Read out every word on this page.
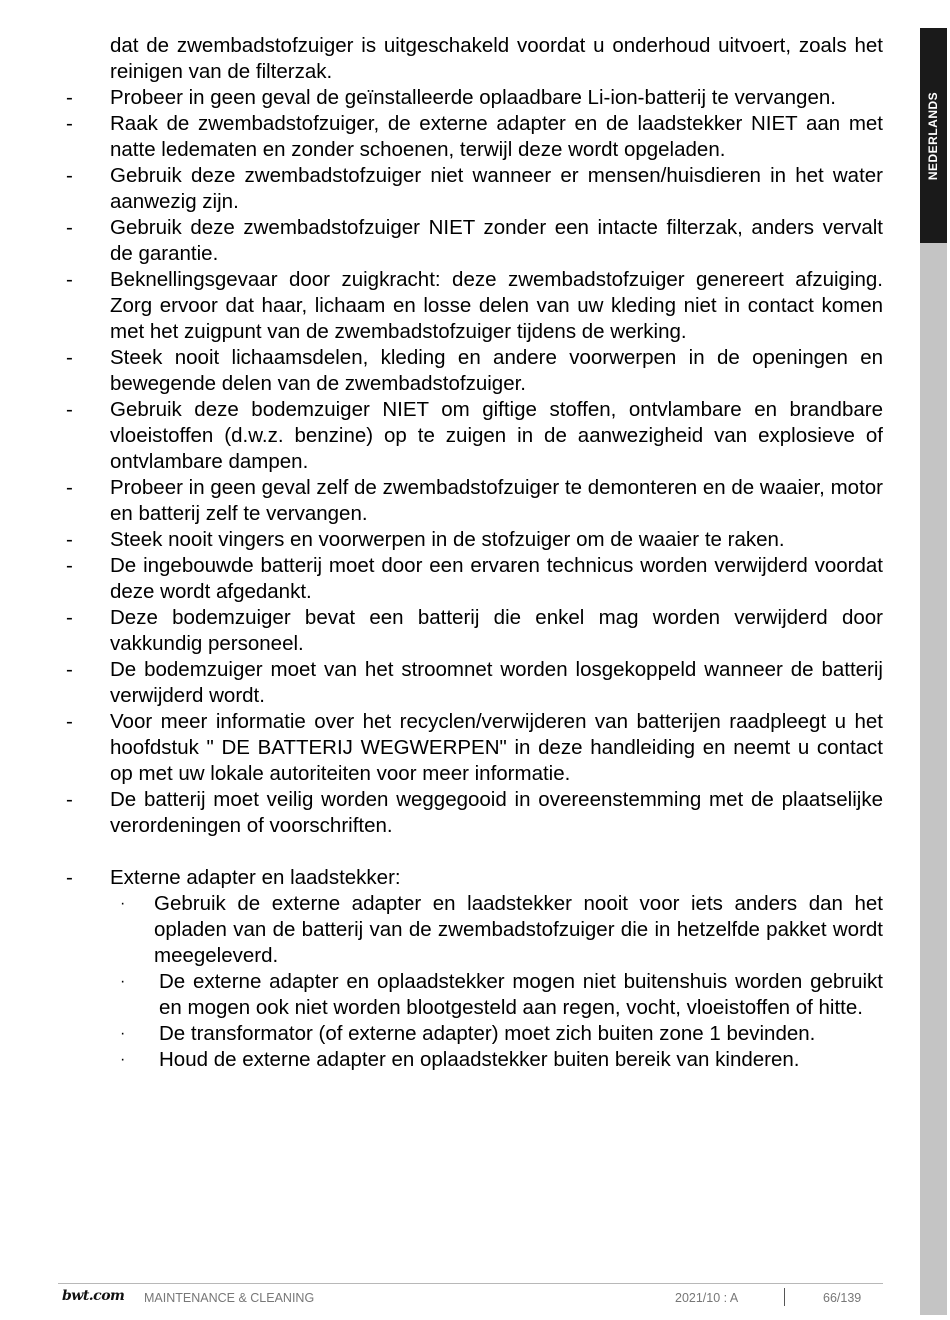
NEDERLANDS
dat de zwembadstofzuiger is uitgeschakeld voordat u onderhoud uitvoert, zoals het reinigen van de filterzak.
- Probeer in geen geval de geïnstalleerde oplaadbare Li-ion-batterij te vervangen.
- Raak de zwembadstofzuiger, de externe adapter en de laadstekker NIET aan met natte ledematen en zonder schoenen, terwijl deze wordt opgeladen.
- Gebruik deze zwembadstofzuiger niet wanneer er mensen/huisdieren in het water aanwezig zijn.
- Gebruik deze zwembadstofzuiger NIET zonder een intacte filterzak, anders vervalt de garantie.
- Beknellingsgevaar door zuigkracht: deze zwembadstofzuiger genereert afzuiging. Zorg ervoor dat haar, lichaam en losse delen van uw kleding niet in contact komen met het zuigpunt van de zwembadstofzuiger tijdens de werking.
- Steek nooit lichaamsdelen, kleding en andere voorwerpen in de openingen en bewegende delen van de zwembadstofzuiger.
- Gebruik deze bodemzuiger NIET om giftige stoffen, ontvlambare en brandbare vloeistoffen (d.w.z. benzine) op te zuigen in de aanwezigheid van explosieve of ontvlambare dampen.
- Probeer in geen geval zelf de zwembadstofzuiger te demonteren en de waaier, motor en batterij zelf te vervangen.
- Steek nooit vingers en voorwerpen in de stofzuiger om de waaier te raken.
- De ingebouwde batterij moet door een ervaren technicus worden verwijderd voordat deze wordt afgedankt.
- Deze bodemzuiger bevat een batterij die enkel mag worden verwijderd door vakkundig personeel.
- De bodemzuiger moet van het stroomnet worden losgekoppeld wanneer de batterij verwijderd wordt.
- Voor meer informatie over het recyclen/verwijderen van batterijen raadpleegt u het hoofdstuk " DE BATTERIJ WEGWERPEN" in deze handleiding en neemt u contact op met uw lokale autoriteiten voor meer informatie.
- De batterij moet veilig worden weggegooid in overeenstemming met de plaatselijke verordeningen of voorschriften.
- Externe adapter en laadstekker:
· Gebruik de externe adapter en laadstekker nooit voor iets anders dan het opladen van de batterij van de zwembadstofzuiger die in hetzelfde pakket wordt meegeleverd.
· De externe adapter en oplaadstekker mogen niet buitenshuis worden gebruikt en mogen ook niet worden blootgesteld aan regen, vocht, vloeistoffen of hitte.
· De transformator (of externe adapter) moet zich buiten zone 1 bevinden.
· Houd de externe adapter en oplaadstekker buiten bereik van kinderen.
bwt.com MAINTENANCE & CLEANING	2021/10 : A	66/139
